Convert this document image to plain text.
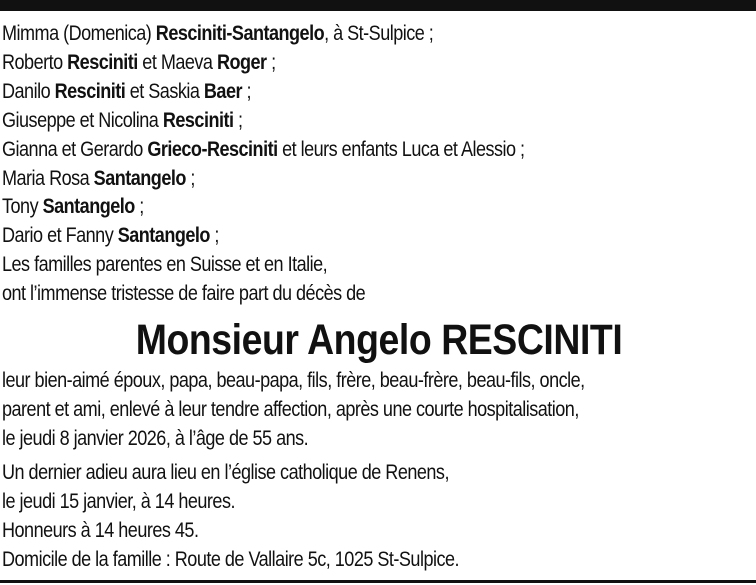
Mimma (Domenica) Resciniti-Santangelo, à St-Sulpice ;
Roberto Resciniti et Maeva Roger ;
Danilo Resciniti et Saskia Baer ;
Giuseppe et Nicolina Resciniti ;
Gianna et Gerardo Grieco-Resciniti et leurs enfants Luca et Alessio ;
Maria Rosa Santangelo ;
Tony Santangelo ;
Dario et Fanny Santangelo ;
Les familles parentes en Suisse et en Italie,
ont l’immense tristesse de faire part du décès de
Monsieur Angelo RESCINITI
leur bien-aimé époux, papa, beau-papa, fils, frère, beau-frère, beau-fils, oncle,
parent et ami, enlevé à leur tendre affection, après une courte hospitalisation,
le jeudi 8 janvier 2026, à l’âge de 55 ans.
Un dernier adieu aura lieu en l’église catholique de Renens,
le jeudi 15 janvier, à 14 heures.
Honneurs à 14 heures 45.
Domicile de la famille : Route de Vallaire 5c, 1025 St-Sulpice.
